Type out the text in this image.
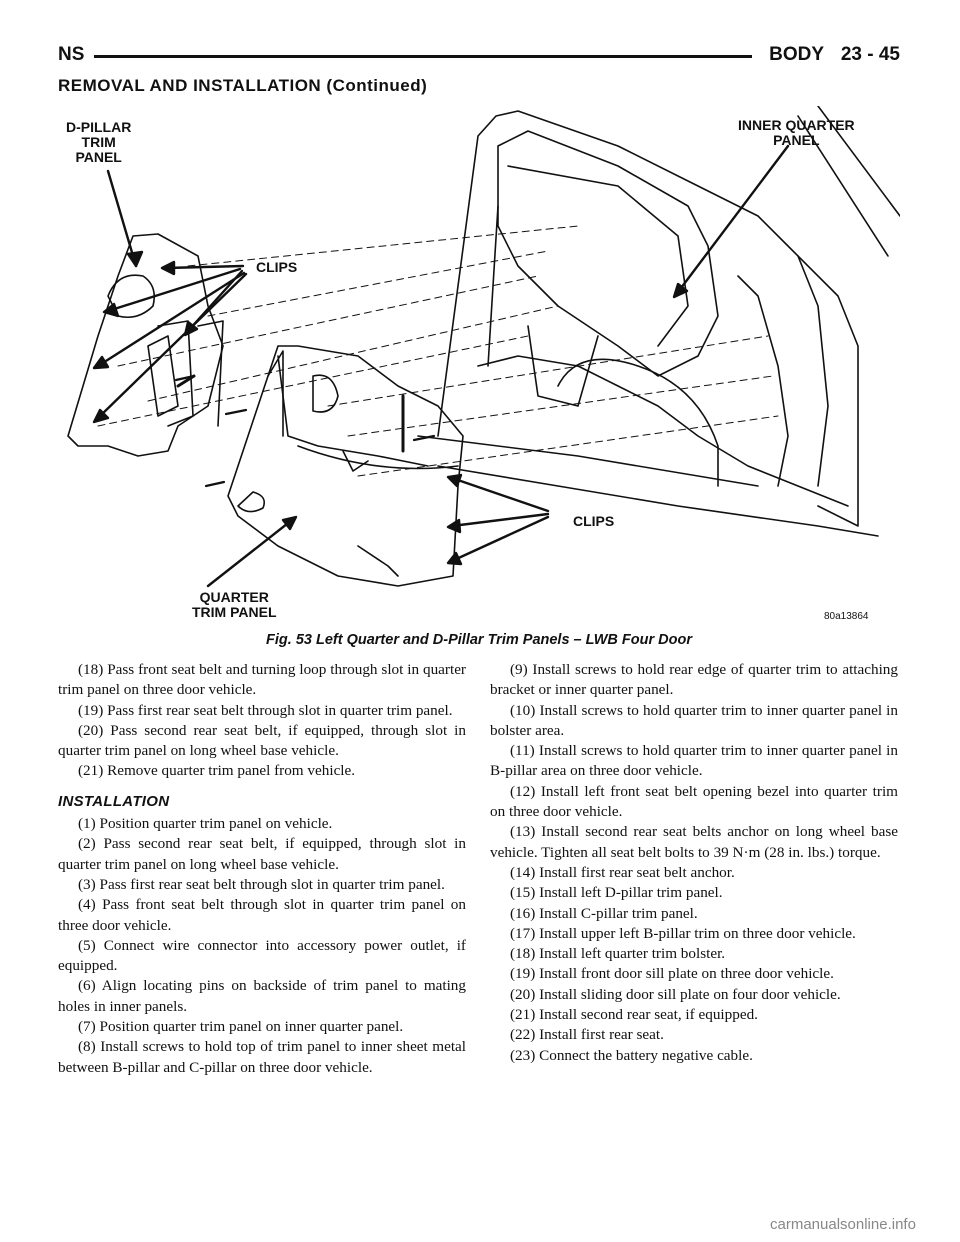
NS	BODY 23 - 45
REMOVAL AND INSTALLATION (Continued)
D-PILLAR
TRIM
PANEL
INNER QUARTER
PANEL
CLIPS
CLIPS
QUARTER
TRIM PANEL	80a13864
Fig. 53 Left Quarter and D-Pillar Trim Panels – LWB Four Door

(18) Pass front seat belt and turning loop through slot in quarter trim panel on three door vehicle.

(19) Pass first rear seat belt through slot in quarter trim panel.

(20) Pass second rear seat belt, if equipped, through slot in quarter trim panel on long wheel base vehicle.

(21) Remove quarter trim panel from vehicle.

INSTALLATION

(1) Position quarter trim panel on vehicle.

(2) Pass second rear seat belt, if equipped, through slot in quarter trim panel on long wheel base vehicle.

(3) Pass first rear seat belt through slot in quarter trim panel.

(4) Pass front seat belt through slot in quarter trim panel on three door vehicle.

(5) Connect wire connector into accessory power outlet, if equipped.

(6) Align locating pins on backside of trim panel to mating holes in inner panels.

(7) Position quarter trim panel on inner quarter panel.

(8) Install screws to hold top of trim panel to inner sheet metal between B-pillar and C-pillar on three door vehicle.

(9) Install screws to hold rear edge of quarter trim to attaching bracket or inner quarter panel.

(10) Install screws to hold quarter trim to inner quarter panel in bolster area.

(11) Install screws to hold quarter trim to inner quarter panel in B-pillar area on three door vehicle.

(12) Install left front seat belt opening bezel into quarter trim on three door vehicle.

(13) Install second rear seat belts anchor on long wheel base vehicle. Tighten all seat belt bolts to 39 N·m (28 in. lbs.) torque.

(14) Install first rear seat belt anchor.

(15) Install left D-pillar trim panel.

(16) Install C-pillar trim panel.

(17) Install upper left B-pillar trim on three door vehicle.

(18) Install left quarter trim bolster.

(19) Install front door sill plate on three door vehicle.

(20) Install sliding door sill plate on four door vehicle.

(21) Install second rear seat, if equipped.

(22) Install first rear seat.

(23) Connect the battery negative cable.

carmanualsonline.info
